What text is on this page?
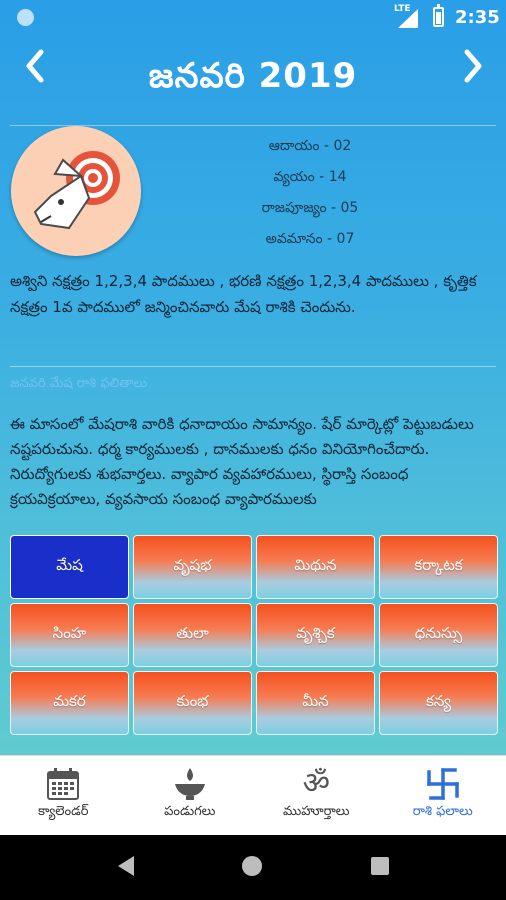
LTE 2:35
జనవరి 2019
ఆదాయం - 02
వ్యయం - 14
రాజపూజ్యం - 05
అవమానం - 07
అశ్విని నక్షత్రం 1,2,3,4 పాదములు , భరణి నక్షత్రం 1,2,3,4 పాదములు , కృత్తిక నక్షత్రం 1వ పాదములో జన్మించినవారు మేష రాశికి చెందును.
జనవరి మేష రాశి ఫలితాలు
ఈ మాసంలో మేషరాశి వారికి ధనాదాయం సామాన్యం. షేర్ మార్కెట్లో పెట్టుబడులు నష్టపరుచును. ధర్మ కార్యములకు , దానములకు ధనం వినియోగించేదారు. నిరుద్యోగులకు శుభవార్తలు. వ్యాపార వ్యవహారములు, స్థిరాస్తి సంబంధ క్రయవిక్రయాలు, వ్యవసాయ సంబంధ వ్యాపారములకు
మేష	వృషభ	మిథున	కర్కాటక
సింహ	తులా	వృశ్చిక	ధనుస్సు
మకర	కుంభ	మీన	కన్య
క్యాలెండర్	పండుగలు
ॐ
ముహూర్తాలు	రాశి ఫలాలు
